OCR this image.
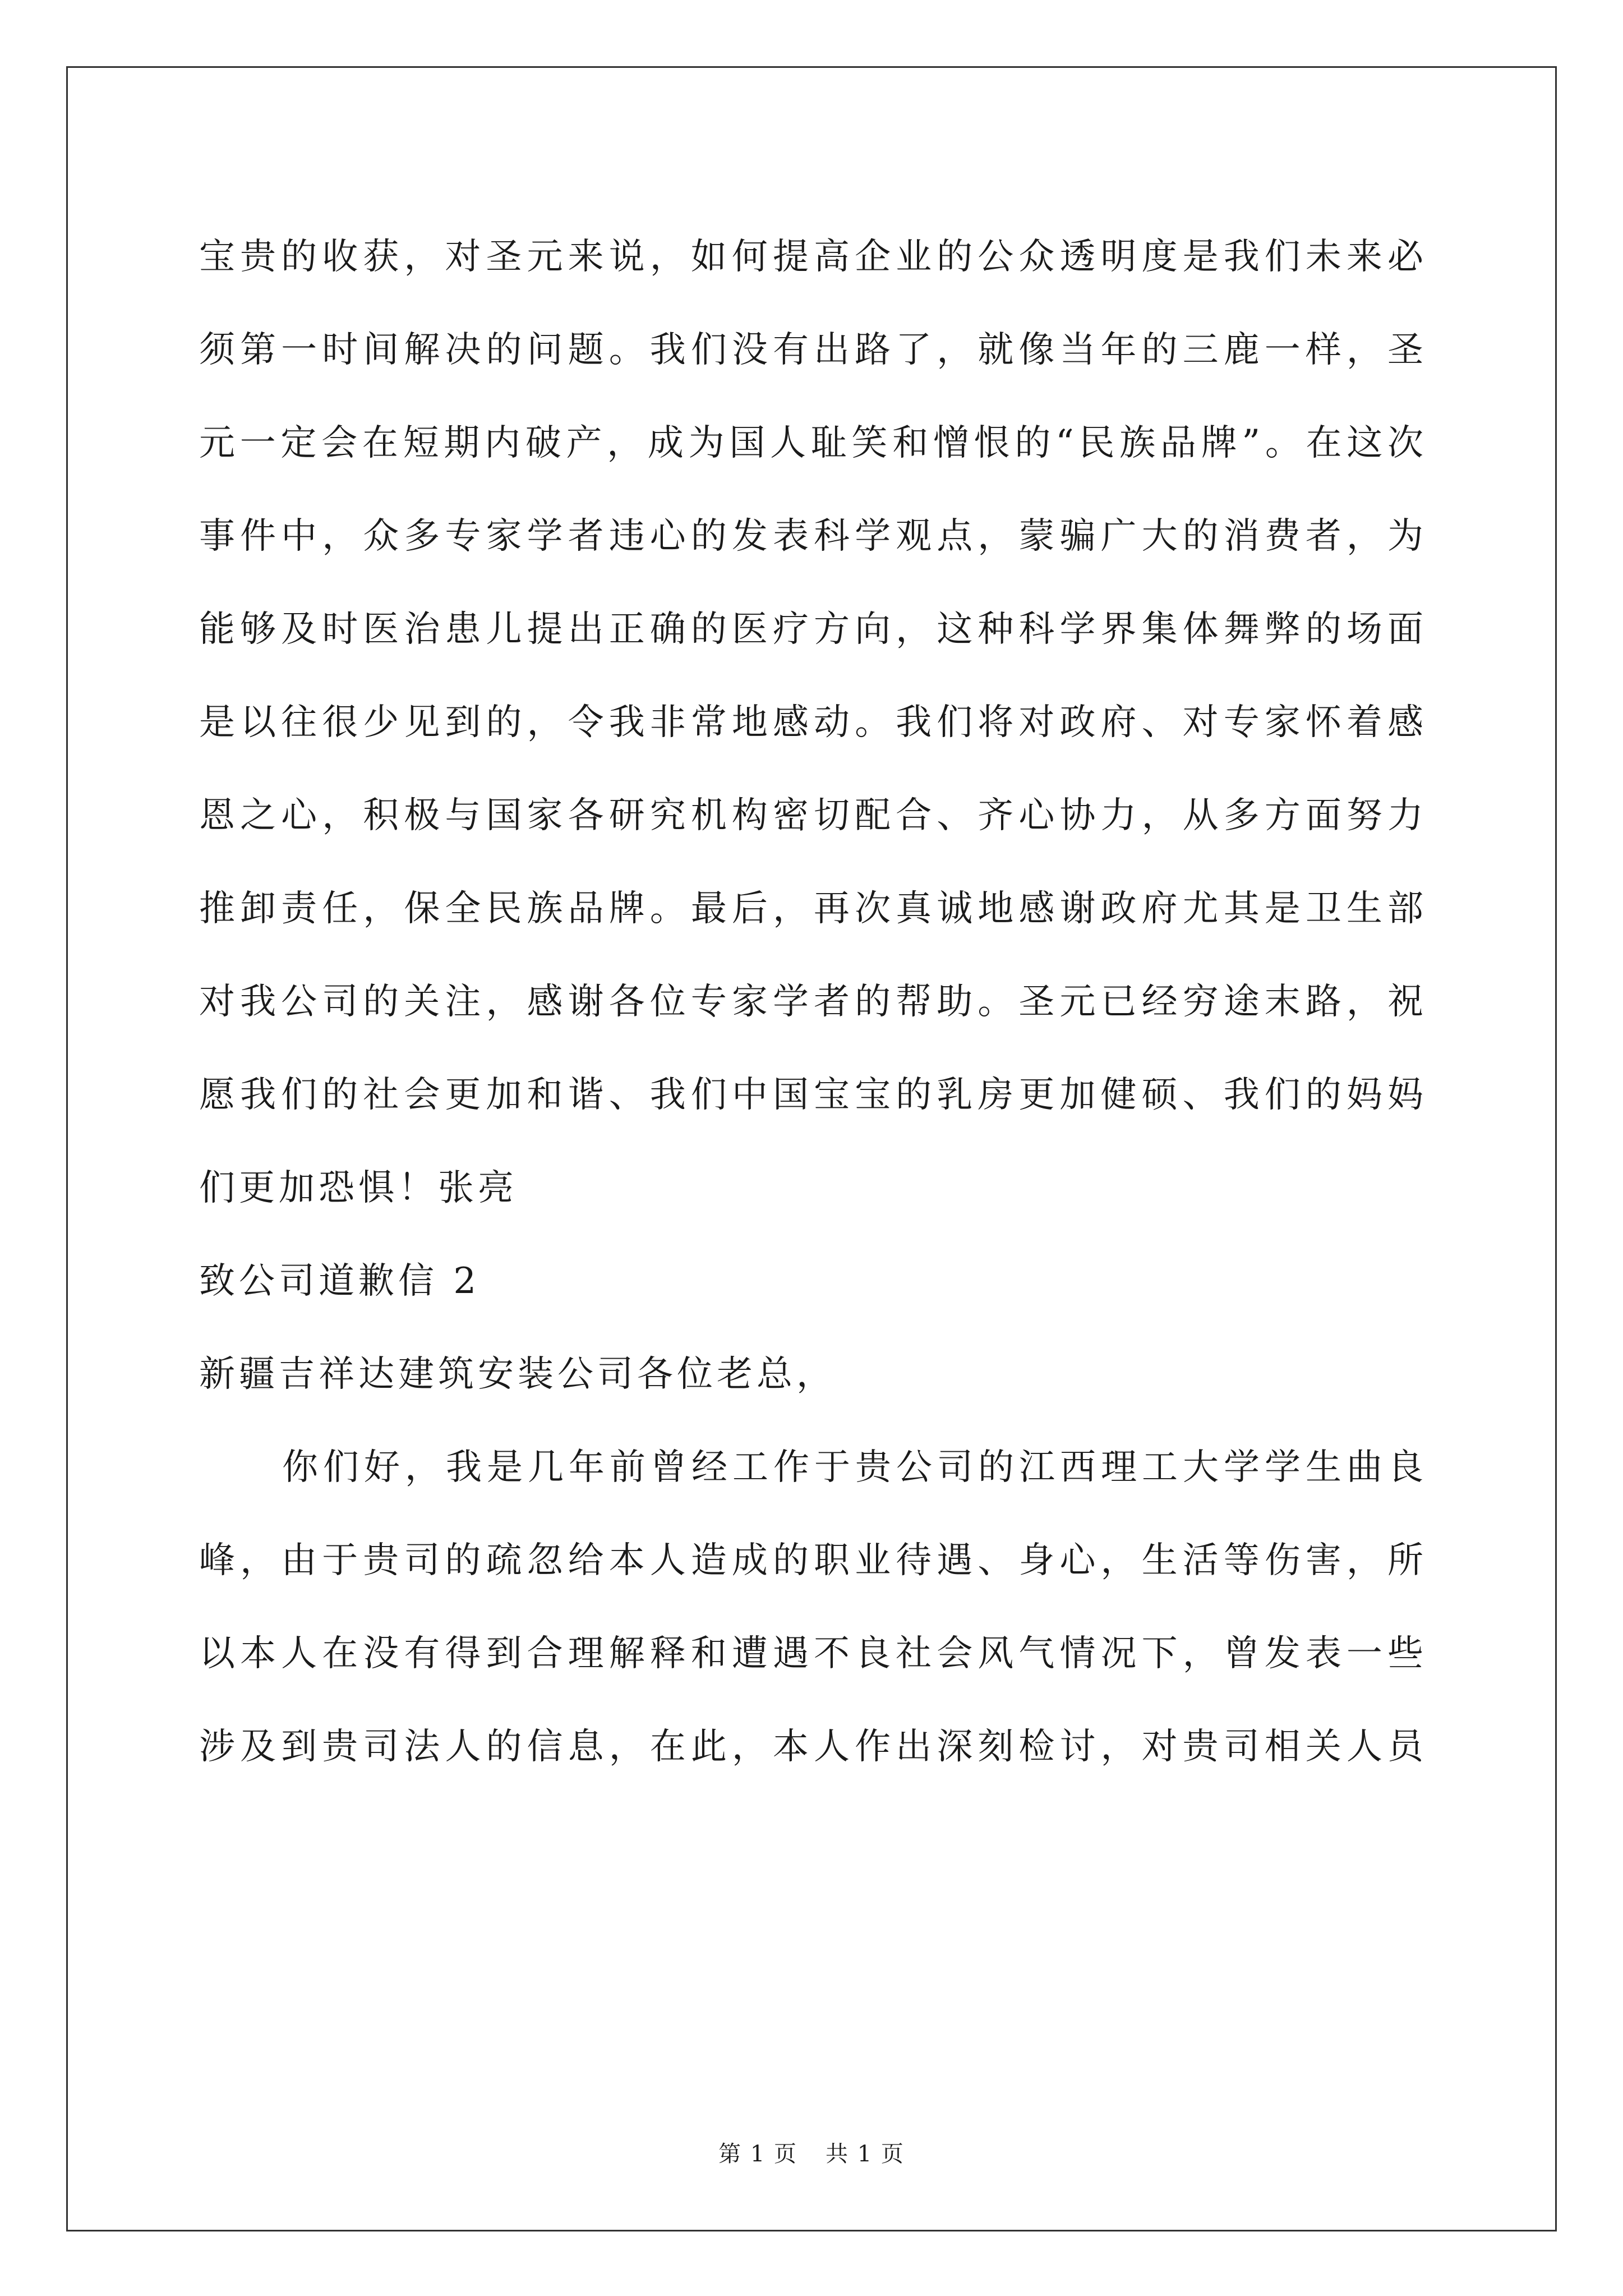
宝贵的收获，对圣元来说，如何提高企业的公众透明度是我们未来必
须第一时间解决的问题。我们没有出路了，就像当年的三鹿一样，圣
元一定会在短期内破产，成为国人耻笑和憎恨的“民族品牌”。在这次
事件中，众多专家学者违心的发表科学观点，蒙骗广大的消费者，为
能够及时医治患儿提出正确的医疗方向，这种科学界集体舞弊的场面
是以往很少见到的，令我非常地感动。我们将对政府、对专家怀着感
恩之心，积极与国家各研究机构密切配合、齐心协力，从多方面努力
推卸责任，保全民族品牌。最后，再次真诚地感谢政府尤其是卫生部
对我公司的关注，感谢各位专家学者的帮助。圣元已经穷途末路，祝
愿我们的社会更加和谐、我们中国宝宝的乳房更加健硕、我们的妈妈
们更加恐惧！张亮
致公司道歉信 2
新疆吉祥达建筑安装公司各位老总，
你们好，我是几年前曾经工作于贵公司的江西理工大学学生曲良
峰，由于贵司的疏忽给本人造成的职业待遇、身心，生活等伤害，所
以本人在没有得到合理解释和遭遇不良社会风气情况下，曾发表一些
涉及到贵司法人的信息，在此，本人作出深刻检讨，对贵司相关人员
第 1 页 共 1 页
